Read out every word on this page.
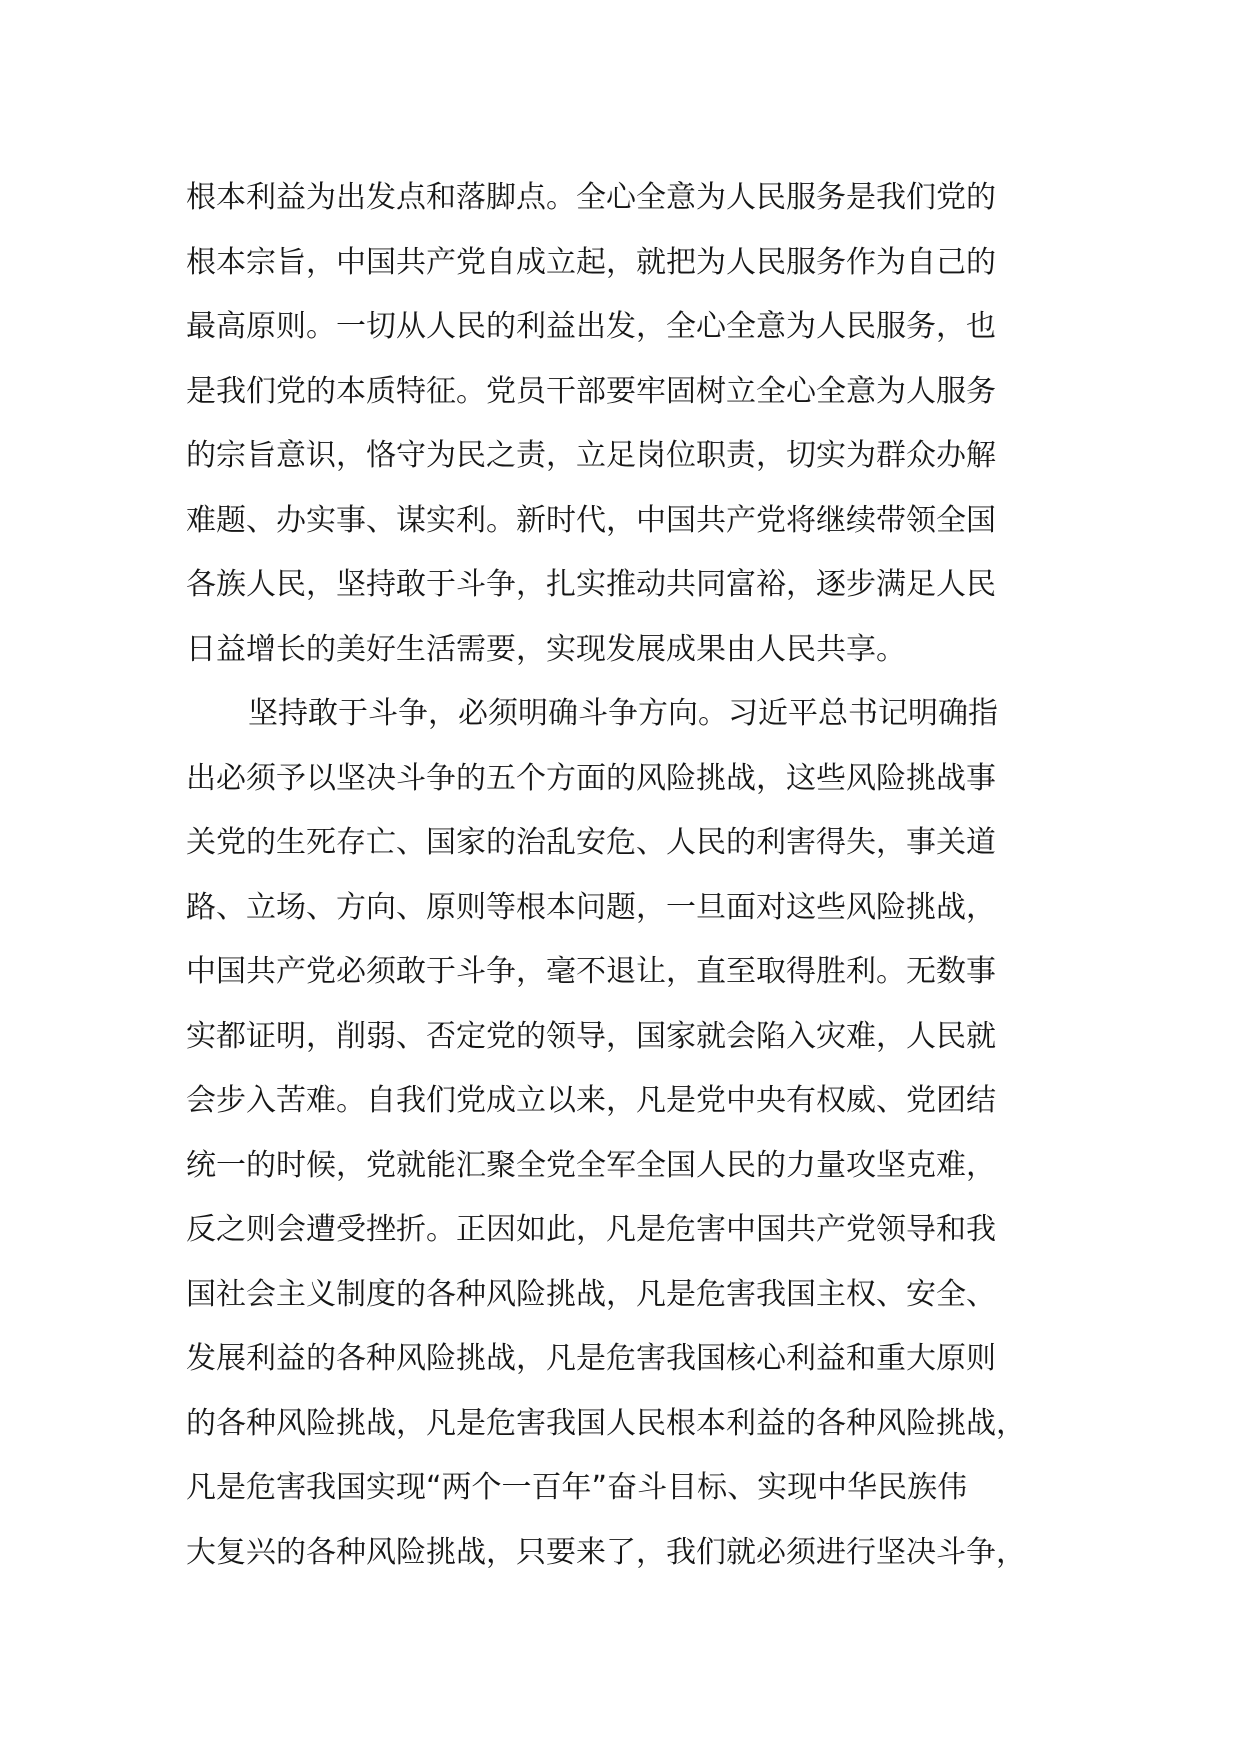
根本利益为出发点和落脚点。全心全意为人民服务是我们党的
根本宗旨，中国共产党自成立起，就把为人民服务作为自己的
最高原则。一切从人民的利益出发，全心全意为人民服务，也
是我们党的本质特征。党员干部要牢固树立全心全意为人服务
的宗旨意识，恪守为民之责，立足岗位职责，切实为群众办解
难题、办实事、谋实利。新时代，中国共产党将继续带领全国
各族人民，坚持敢于斗争，扎实推动共同富裕，逐步满足人民
日益增长的美好生活需要，实现发展成果由人民共享。
坚持敢于斗争，必须明确斗争方向。习近平总书记明确指
出必须予以坚决斗争的五个方面的风险挑战，这些风险挑战事
关党的生死存亡、国家的治乱安危、人民的利害得失，事关道
路、立场、方向、原则等根本问题，一旦面对这些风险挑战，
中国共产党必须敢于斗争，毫不退让，直至取得胜利。无数事
实都证明，削弱、否定党的领导，国家就会陷入灾难，人民就
会步入苦难。自我们党成立以来，凡是党中央有权威、党团结
统一的时候，党就能汇聚全党全军全国人民的力量攻坚克难，
反之则会遭受挫折。正因如此，凡是危害中国共产党领导和我
国社会主义制度的各种风险挑战，凡是危害我国主权、安全、
发展利益的各种风险挑战，凡是危害我国核心利益和重大原则
的各种风险挑战，凡是危害我国人民根本利益的各种风险挑战，
凡是危害我国实现“两个一百年”奋斗目标、实现中华民族伟
大复兴的各种风险挑战，只要来了，我们就必须进行坚决斗争，
